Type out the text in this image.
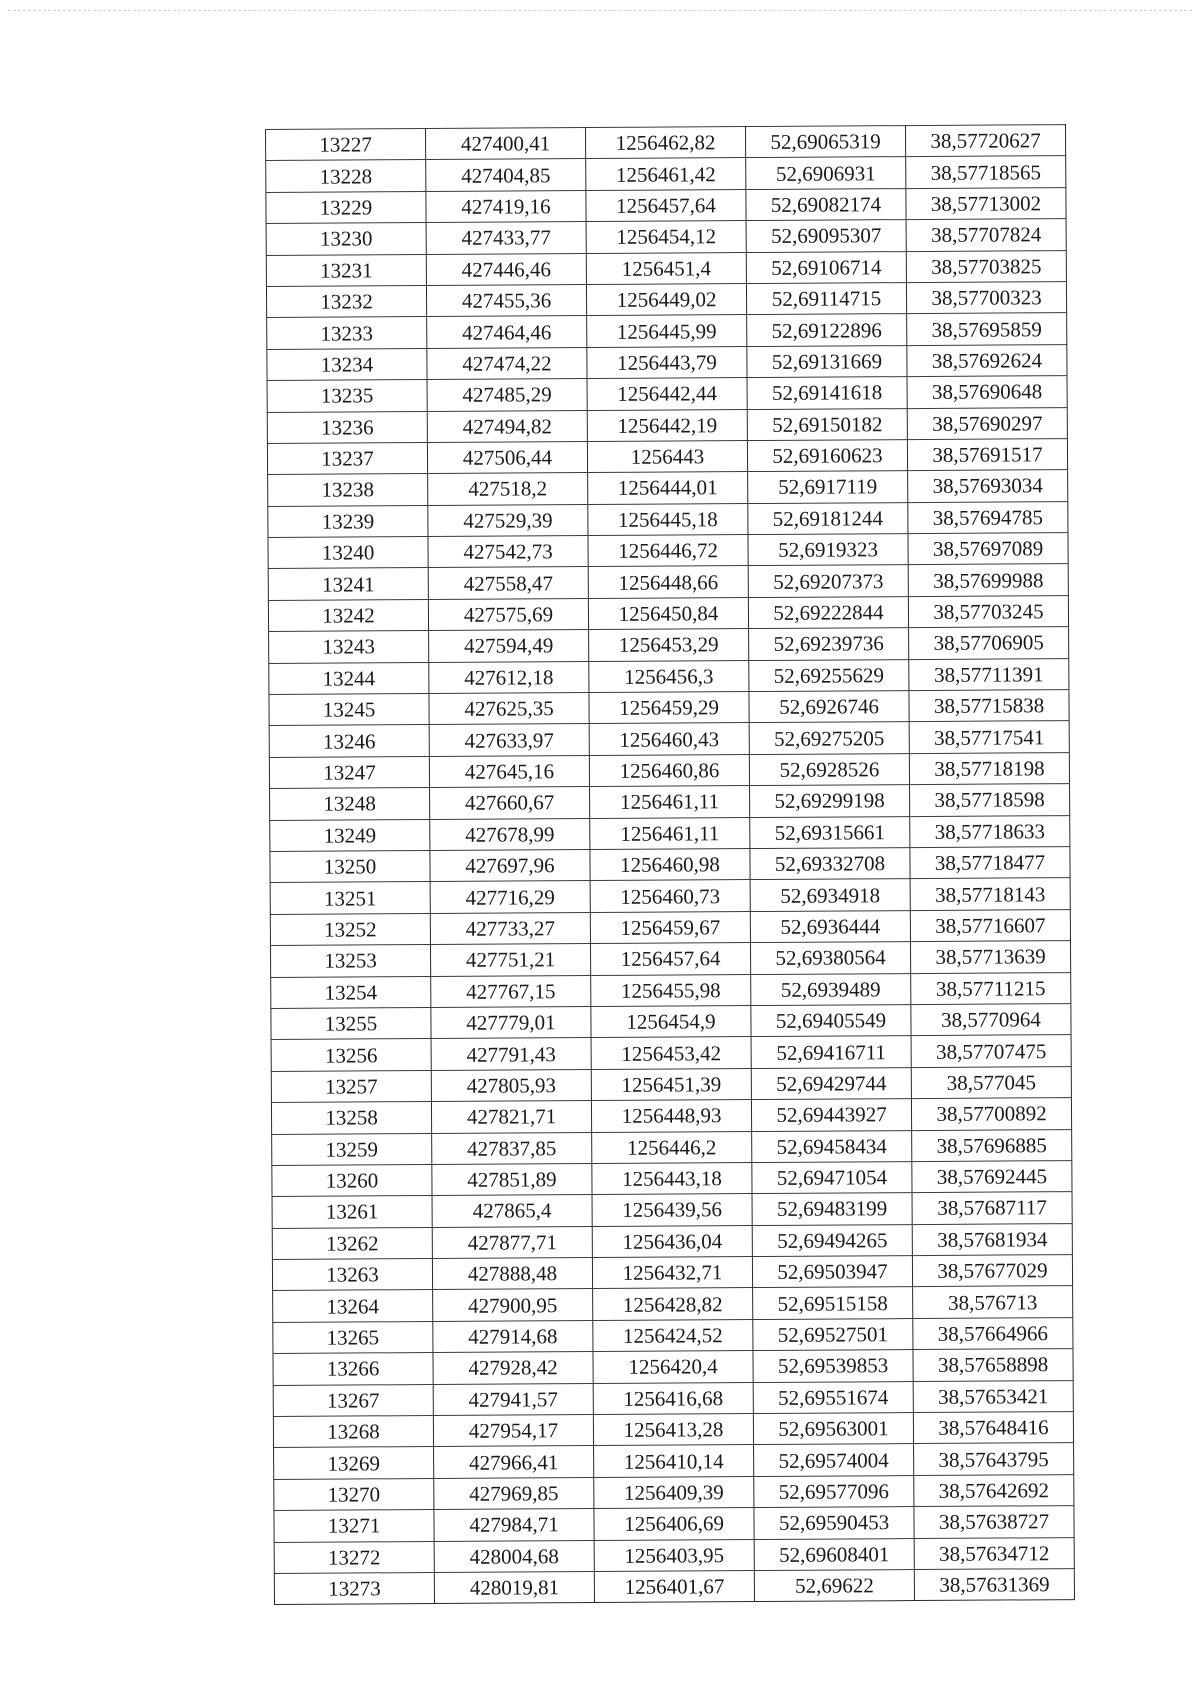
13227	427400,41	1256462,82	52,69065319	38,57720627
13228	427404,85	1256461,42	52,6906931	38,57718565
13229	427419,16	1256457,64	52,69082174	38,57713002
13230	427433,77	1256454,12	52,69095307	38,57707824
13231	427446,46	1256451,4	52,69106714	38,57703825
13232	427455,36	1256449,02	52,69114715	38,57700323
13233	427464,46	1256445,99	52,69122896	38,57695859
13234	427474,22	1256443,79	52,69131669	38,57692624
13235	427485,29	1256442,44	52,69141618	38,57690648
13236	427494,82	1256442,19	52,69150182	38,57690297
13237	427506,44	1256443	52,69160623	38,57691517
13238	427518,2	1256444,01	52,6917119	38,57693034
13239	427529,39	1256445,18	52,69181244	38,57694785
13240	427542,73	1256446,72	52,6919323	38,57697089
13241	427558,47	1256448,66	52,69207373	38,57699988
13242	427575,69	1256450,84	52,69222844	38,57703245
13243	427594,49	1256453,29	52,69239736	38,57706905
13244	427612,18	1256456,3	52,69255629	38,57711391
13245	427625,35	1256459,29	52,6926746	38,57715838
13246	427633,97	1256460,43	52,69275205	38,57717541
13247	427645,16	1256460,86	52,6928526	38,57718198
13248	427660,67	1256461,11	52,69299198	38,57718598
13249	427678,99	1256461,11	52,69315661	38,57718633
13250	427697,96	1256460,98	52,69332708	38,57718477
13251	427716,29	1256460,73	52,6934918	38,57718143
13252	427733,27	1256459,67	52,6936444	38,57716607
13253	427751,21	1256457,64	52,69380564	38,57713639
13254	427767,15	1256455,98	52,6939489	38,57711215
13255	427779,01	1256454,9	52,69405549	38,5770964
13256	427791,43	1256453,42	52,69416711	38,57707475
13257	427805,93	1256451,39	52,69429744	38,577045
13258	427821,71	1256448,93	52,69443927	38,57700892
13259	427837,85	1256446,2	52,69458434	38,57696885
13260	427851,89	1256443,18	52,69471054	38,57692445
13261	427865,4	1256439,56	52,69483199	38,57687117
13262	427877,71	1256436,04	52,69494265	38,57681934
13263	427888,48	1256432,71	52,69503947	38,57677029
13264	427900,95	1256428,82	52,69515158	38,576713
13265	427914,68	1256424,52	52,69527501	38,57664966
13266	427928,42	1256420,4	52,69539853	38,57658898
13267	427941,57	1256416,68	52,69551674	38,57653421
13268	427954,17	1256413,28	52,69563001	38,57648416
13269	427966,41	1256410,14	52,69574004	38,57643795
13270	427969,85	1256409,39	52,69577096	38,57642692
13271	427984,71	1256406,69	52,69590453	38,57638727
13272	428004,68	1256403,95	52,69608401	38,57634712
13273	428019,81	1256401,67	52,69622	38,57631369
